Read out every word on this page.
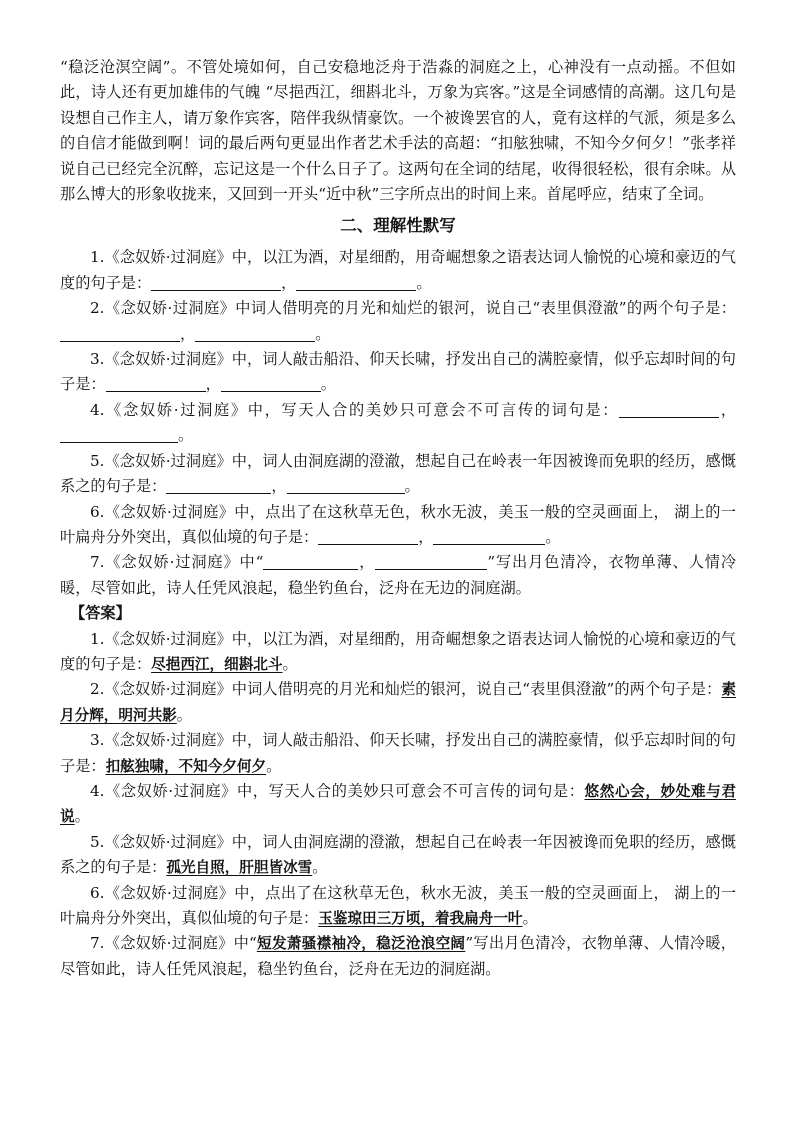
“稳泛沧溟空阔”。不管处境如何，自己安稳地泛舟于浩淼的洞庭之上，心神没有一点动摇。不但如此，诗人还有更加雄伟的气魄 “尽挹西江，细斟北斗，万象为宾客。”这是全词感情的高潮。这几句是设想自己作主人，请万象作宾客，陪伴我纵情豪饮。一个被谗罢官的人，竟有这样的气派，须是多么的自信才能做到啊！词的最后两句更显出作者艺术手法的高超：“扣舷独啸，不知今夕何夕！”张孝祥说自己已经完全沉醉，忘记这是一个什么日子了。这两句在全词的结尾，收得很轻松，很有余味。从那么博大的形象收拢来，又回到一开头“近中秋”三字所点出的时间上来。首尾呼应，结束了全词。

二、理解性默写

1.《念奴娇·过洞庭》中，以江为酒，对星细酌，用奇崛想象之语表达词人愉悦的心境和豪迈的气度的句子是：	，	。

2.《念奴娇·过洞庭》中词人借明亮的月光和灿烂的银河，说自己“表里俱澄澈”的两个句子是：，	。

3.《念奴娇·过洞庭》中，词人敲击船沿、仰天长啸，抒发出自己的满腔豪情，似乎忘却时间的句子是：	，	。

4.《念奴娇·过洞庭》中，写天人合的美妙只可意会不可言传的词句是：	，。

5.《念奴娇·过洞庭》中，词人由洞庭湖的澄澈，想起自己在岭表一年因被谗而免职的经历，感慨系之的句子是：	，	。

6.《念奴娇·过洞庭》中，点出了在这秋草无色，秋水无波，美玉一般的空灵画面上， 湖上的一叶扁舟分外突出，真似仙境的句子是：	，	。

7.《念奴娇·过洞庭》中“	，	”写出月色清冷，衣物单薄、人情冷暖，尽管如此，诗人任凭风浪起，稳坐钓鱼台，泛舟在无边的洞庭湖。

【答案】

1.《念奴娇·过洞庭》中，以江为酒，对星细酌，用奇崛想象之语表达词人愉悦的心境和豪迈的气度的句子是：尽挹西江，细斟北斗。

2.《念奴娇·过洞庭》中词人借明亮的月光和灿烂的银河，说自己“表里俱澄澈”的两个句子是：素月分辉，明河共影。

3.《念奴娇·过洞庭》中，词人敲击船沿、仰天长啸，抒发出自己的满腔豪情，似乎忘却时间的句子是：扣舷独啸，不知今夕何夕。

4.《念奴娇·过洞庭》中，写天人合的美妙只可意会不可言传的词句是：悠然心会，妙处难与君说。

5.《念奴娇·过洞庭》中，词人由洞庭湖的澄澈，想起自己在岭表一年因被谗而免职的经历，感慨系之的句子是：孤光自照，肝胆皆冰雪。

6.《念奴娇·过洞庭》中，点出了在这秋草无色，秋水无波，美玉一般的空灵画面上， 湖上的一叶扁舟分外突出，真似仙境的句子是：玉鉴琼田三万顷，着我扁舟一叶。

7.《念奴娇·过洞庭》中“短发萧骚襟袖冷，稳泛沧浪空阔”写出月色清冷，衣物单薄、人情冷暖，尽管如此，诗人任凭风浪起，稳坐钓鱼台，泛舟在无边的洞庭湖。
